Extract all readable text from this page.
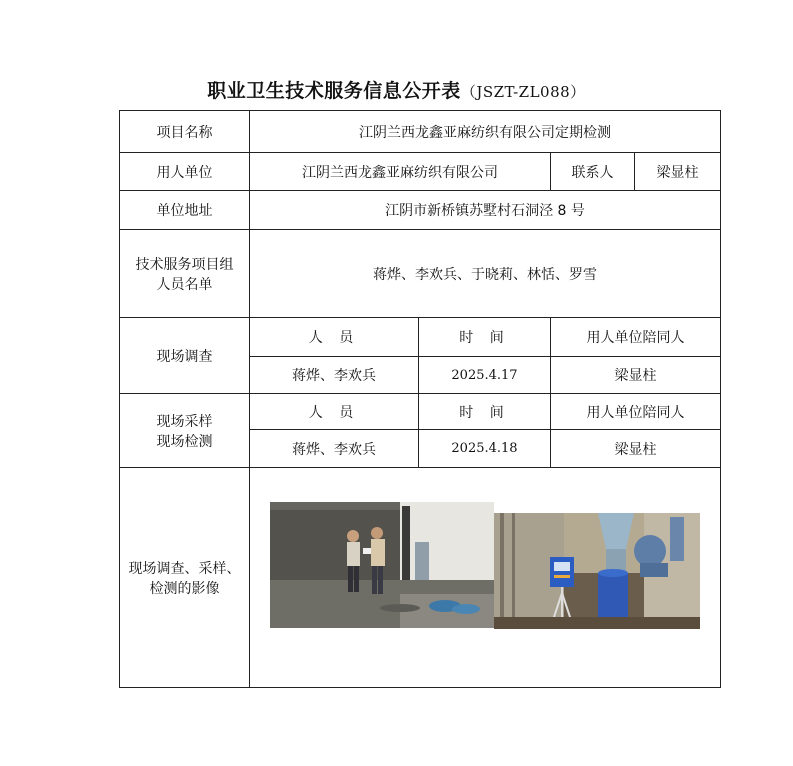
职业卫生技术服务信息公开表（JSZT-ZL088）
项目名称	江阴兰西龙鑫亚麻纺织有限公司定期检测			
用人单位	江阴兰西龙鑫亚麻纺织有限公司		联系人	梁显柱
单位地址	江阴市新桥镇苏墅村石洞泾 8 号			

技术服务项目组
人员名单	蒋烨、李欢兵、于晓莉、林恬、罗雪			
现场调查	人 员	时 间	用人单位陪同人	
	蒋烨、李欢兵	2025.4.17	梁显柱	

现场采样
现场检测	人 员	时 间	用人单位陪同人	
	蒋烨、李欢兵	2025.4.18	梁显柱	

现场调查、采样、
检测的影像
